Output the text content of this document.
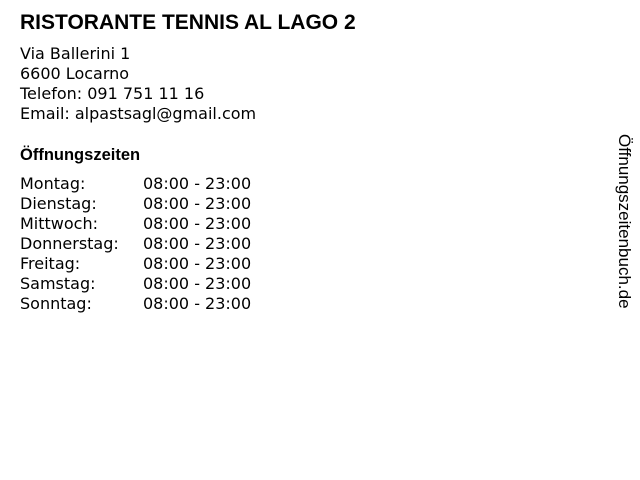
RISTORANTE TENNIS AL LAGO 2
Via Ballerini 1
6600 Locarno
Telefon: 091 751 11 16
Email: alpastsagl@gmail.com
Öffnungszeiten
Montag:	08:00 - 23:00
Dienstag:	08:00 - 23:00
Mittwoch:	08:00 - 23:00
Donnerstag:	08:00 - 23:00
Freitag:	08:00 - 23:00
Samstag:	08:00 - 23:00
Sonntag:	08:00 - 23:00	Öffnungszeitenbuch.de
